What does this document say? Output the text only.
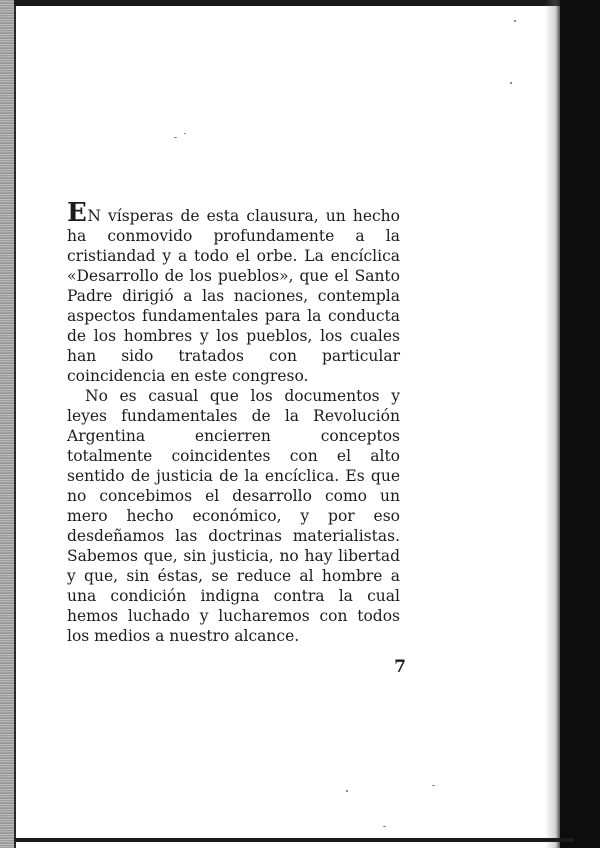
EN vísperas de esta clausura, un hecho ha conmovido profundamente a la cristiandad y a todo el orbe. La encíclica «Desarrollo de los pueblos», que el Santo Padre dirigió a las naciones, contempla aspectos fundamentales para la conducta de los hombres y los pueblos, los cuales han sido tratados con particular coincidencia en este congreso.

No es casual que los documentos y leyes fundamentales de la Revolución Argentina encierren conceptos totalmente coincidentes con el alto sentido de justicia de la encíclica. Es que no concebimos el desarrollo como un mero hecho económico, y por eso desdeñamos las doctrinas materialistas. Sabemos que, sin justicia, no hay libertad y que, sin éstas, se reduce al hombre a una condición indigna contra la cual hemos luchado y lucharemos con todos los medios a nuestro alcance.

7
